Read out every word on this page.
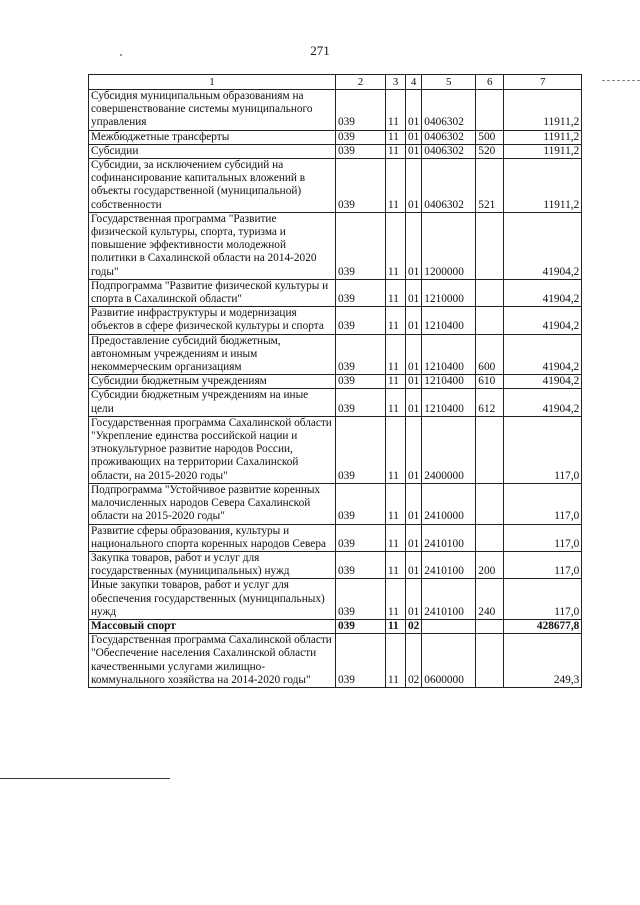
271
1	2	3	4	5	6	7
Субсидия муниципальным образованиям на совершенствование системы муниципального управления	039	11	01	0406302		11911,2
Межбюджетные трансферты	039	11	01	0406302	500	11911,2
Субсидии	039	11	01	0406302	520	11911,2
Субсидии, за исключением субсидий на софинансирование капитальных вложений в объекты государственной (муниципальной) собственности	039	11	01	0406302	521	11911,2
Государственная программа "Развитие физической культуры, спорта, туризма и повышение эффективности молодежной политики в Сахалинской области на 2014-2020 годы"	039	11	01	1200000		41904,2
Подпрограмма "Развитие физической культуры и спорта в Сахалинской области"	039	11	01	1210000		41904,2
Развитие инфраструктуры и модернизация объектов в сфере физической культуры и спорта	039	11	01	1210400		41904,2
Предоставление субсидий бюджетным, автономным учреждениям и иным некоммерческим организациям	039	11	01	1210400	600	41904,2
Субсидии бюджетным учреждениям	039	11	01	1210400	610	41904,2
Субсидии бюджетным учреждениям на иные цели	039	11	01	1210400	612	41904,2
Государственная программа Сахалинской области "Укрепление единства российской нации и этнокультурное развитие народов России, проживающих на территории Сахалинской области, на 2015-2020 годы"	039	11	01	2400000		117,0
Подпрограмма "Устойчивое развитие коренных малочисленных народов Севера Сахалинской области на 2015-2020 годы"	039	11	01	2410000		117,0
Развитие сферы образования, культуры и национального спорта коренных народов Севера	039	11	01	2410100		117,0
Закупка товаров, работ и услуг для государственных (муниципальных) нужд	039	11	01	2410100	200	117,0
Иные закупки товаров, работ и услуг для обеспечения государственных (муниципальных) нужд	039	11	01	2410100	240	117,0
Массовый спорт	039	11	02			428677,8
Государственная программа Сахалинской области "Обеспечение населения Сахалинской области качественными услугами жилищно-коммунального хозяйства на 2014-2020 годы"	039	11	02	0600000		249,3
